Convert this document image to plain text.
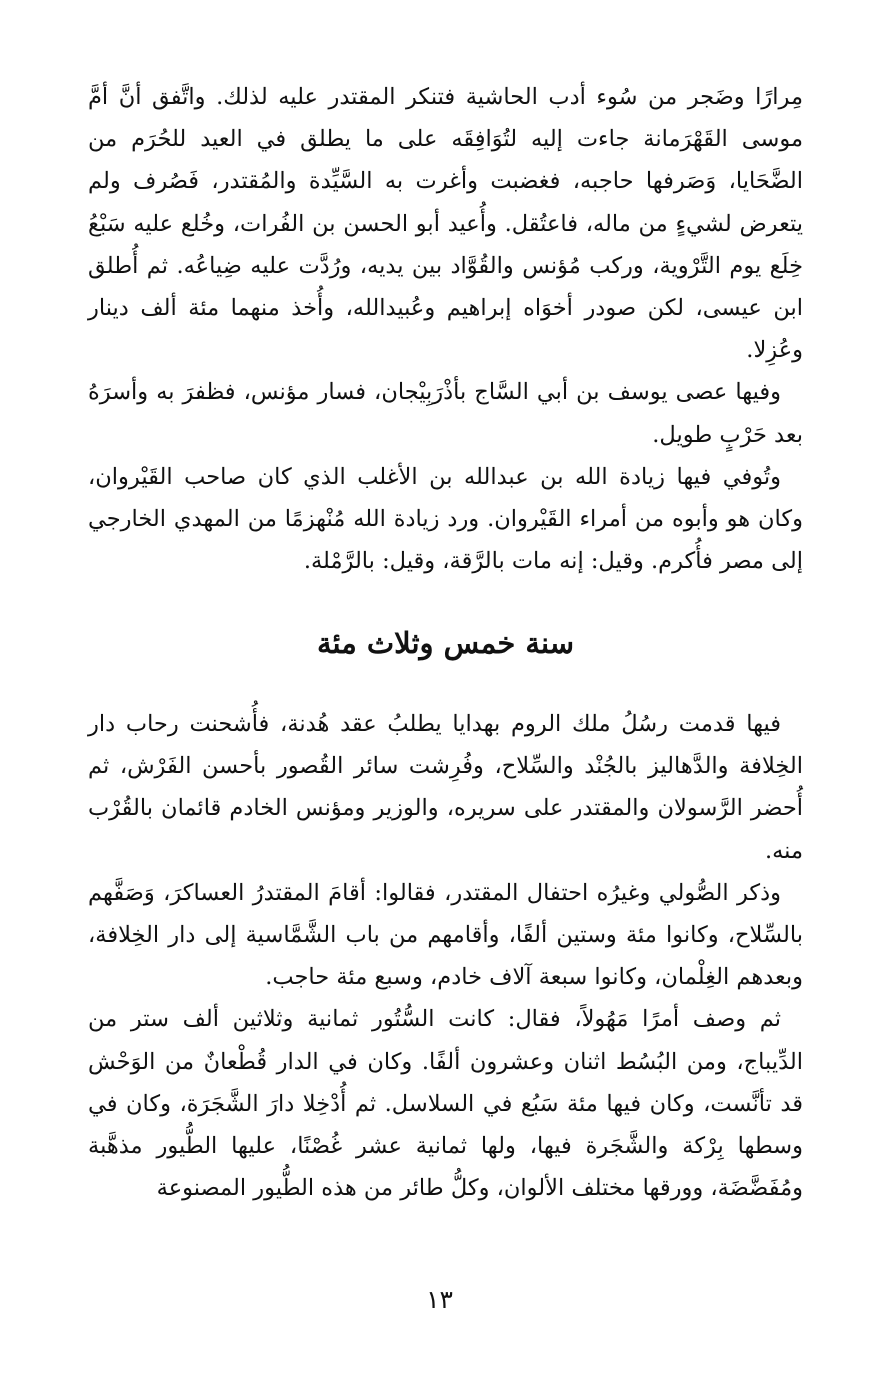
مِرارًا وضَجر من سُوء أدب الحاشية فتنكر المقتدر عليه لذلك. واتَّفق أنَّ أمَّ موسى القَهْرَمانة جاءت إليه لتُوَافِقَه على ما يطلق في العيد للحُرَم من الضَّحَايا، وَصَرفها حاجبه، فغضبت وأغرت به السَّيِّدة والمُقتدر، فَصُرف ولم يتعرض لشيءٍ من ماله، فاعتُقل. وأُعيد أبو الحسن بن الفُرات، وخُلع عليه سَبْعُ خِلَع يوم التَّرْوية، وركب مُؤنس والقُوَّاد بين يديه، ورُدَّت عليه ضِياعُه. ثم أُطلق ابن عيسى، لكن صودر أخوَاه إبراهيم وعُبيدالله، وأُخذ منهما مئة ألف دينار وعُزِلا.

وفيها عصى يوسف بن أبي السَّاج بأذْرَبِيْجان، فسار مؤنس، فظفرَ به وأسرَهُ بعد حَرْبٍ طويل.

وتُوفي فيها زيادة الله بن عبدالله بن الأغلب الذي كان صاحب القَيْروان، وكان هو وأبوه من أمراء القَيْروان. ورد زيادة الله مُنْهزمًا من المهدي الخارجي إلى مصر فأُكرم. وقيل: إنه مات بالرَّقة، وقيل: بالرَّمْلة.

سنة خمس وثلاث مئة

فيها قدمت رسُلُ ملك الروم بهدايا يطلبُ عقد هُدنة، فأُشحنت رحاب دار الخِلافة والدَّهاليز بالجُنْد والسِّلاح، وفُرِشت سائر القُصور بأحسن الفَرْش، ثم أُحضر الرَّسولان والمقتدر على سريره، والوزير ومؤنس الخادم قائمان بالقُرْب منه.

وذكر الصُّولي وغيرُه احتفال المقتدر، فقالوا: أقامَ المقتدرُ العساكرَ، وَصَفَّهم بالسِّلاح، وكانوا مئة وستين ألفًا، وأقامهم من باب الشَّمَّاسية إلى دار الخِلافة، وبعدهم الغِلْمان، وكانوا سبعة آلاف خادم، وسبع مئة حاجب.

ثم وصف أمرًا مَهُولاً، فقال: كانت السُّتُور ثمانية وثلاثين ألف ستر من الدِّيباج، ومن البُسُط اثنان وعشرون ألفًا. وكان في الدار قُطْعانٌ من الوَحْش قد تأنَّست، وكان فيها مئة سَبُع في السلاسل. ثم أُدْخِلا دارَ الشَّجَرَة، وكان في وسطها بِرْكة والشَّجَرة فيها، ولها ثمانية عشر غُصْنًا، عليها الطُّيور مذهَّبة ومُفَضَّضَة، وورقها مختلف الألوان، وكلُّ طائر من هذه الطُّيور المصنوعة

١٣
